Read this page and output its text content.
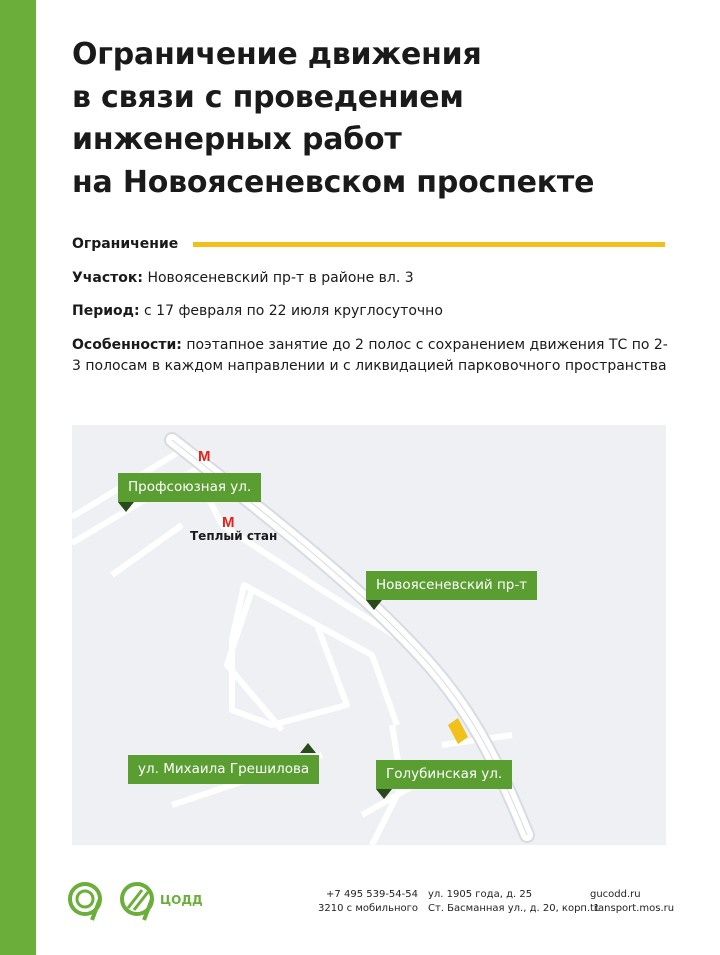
Ограничение движения
в связи с проведением
инженерных работ
на Новоясеневском проспекте
Ограничение
Участок: Новоясеневский пр-т в районе вл. 3
Период: с 17 февраля по 22 июля круглосуточно
Особенности: поэтапное занятие до 2 полос с сохранением движения ТС по 2-3 полосам в каждом направлении и с ликвидацией парковочного пространства
M
M
Теплый стан
Профсоюзная ул.
Новоясеневский пр-т
ул. Михаила Грешилова	Голубинская ул.
ЦОДД	+7 495 539-54-54
3210 с мобильного
ул. 1905 года, д. 25
Ст. Басманная ул., д. 20, корп. 1
gucodd.ru
transport.mos.ru
